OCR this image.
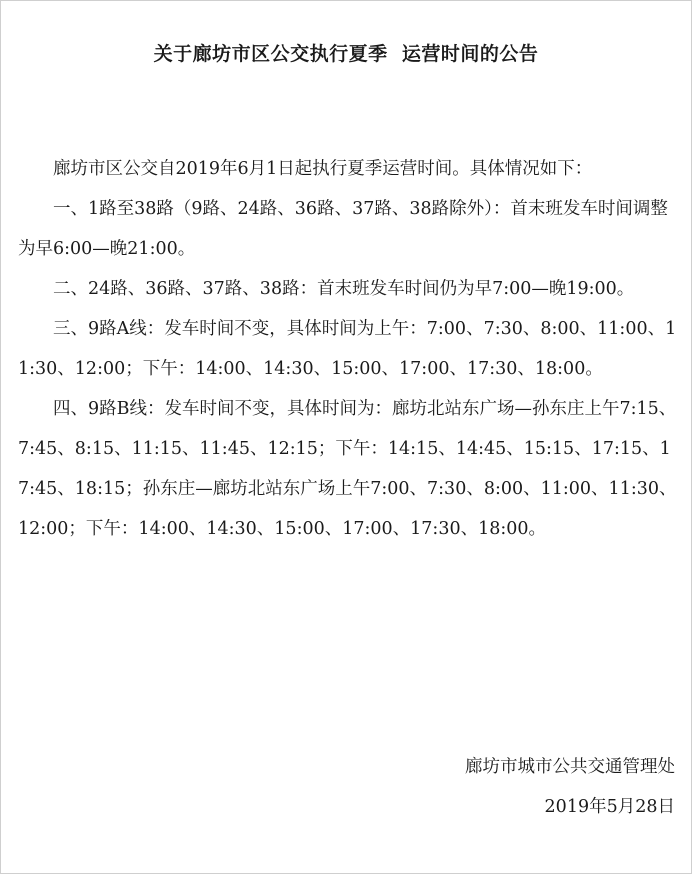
关于廊坊市区公交执行夏季  运营时间的公告

廊坊市区公交自2019年6月1日起执行夏季运营时间。具体情况如下：

一、1路至38路（9路、24路、36路、37路、38路除外）：首末班发车时间调整为早6:00—晚21:00。

二、24路、36路、37路、38路：首末班发车时间仍为早7:00—晚19:00。

三、9路A线：发车时间不变，具体时间为上午：7:00、7:30、8:00、11:00、11:30、12:00；下午：14:00、14:30、15:00、17:00、17:30、18:00。

四、9路B线：发车时间不变，具体时间为：廊坊北站东广场—孙东庄上午7:15、7:45、8:15、11:15、11:45、12:15；下午：14:15、14:45、15:15、17:15、17:45、18:15；孙东庄—廊坊北站东广场上午7:00、7:30、8:00、11:00、11:30、12:00；下午：14:00、14:30、15:00、17:00、17:30、18:00。

廊坊市城市公共交通管理处
2019年5月28日
